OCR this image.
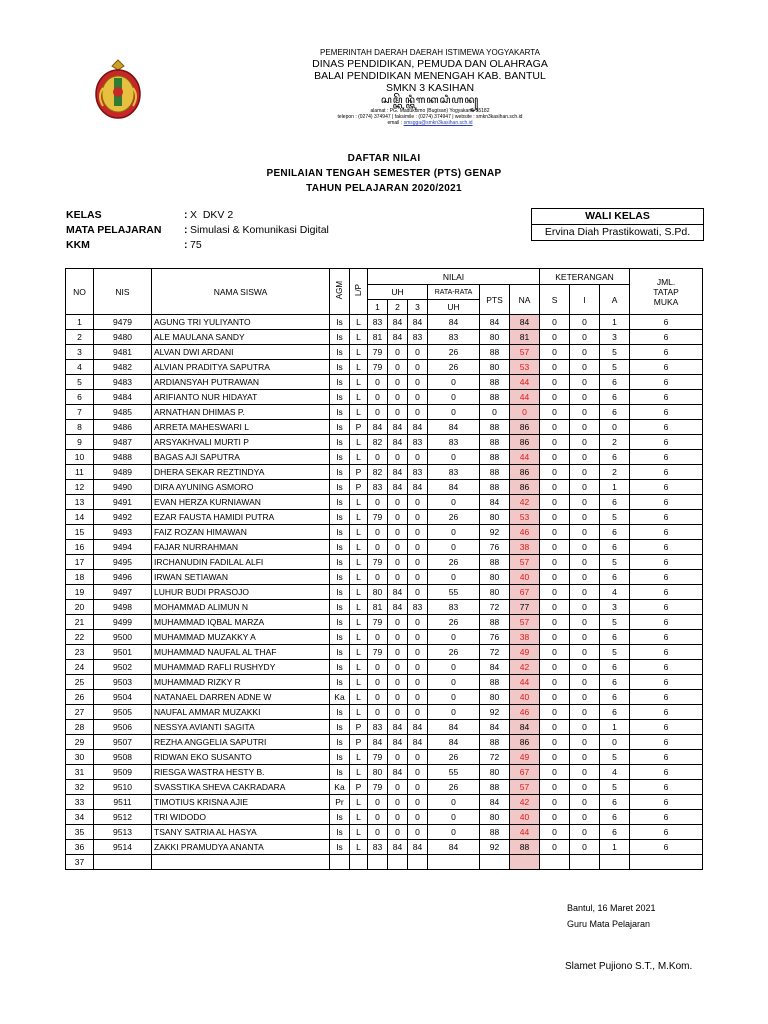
PEMERINTAH DAERAH DAERAH ISTIMEWA YOGYAKARTA
DINAS PENDIDIKAN, PEMUDA DAN OLAHRAGA
BALAI PENDIDIKAN MENENGAH KAB. BANTUL
SMKN 3 KASIHAN
ꦱꦩ꧀ꦏꦼꦤ꧀ꦠꦶꦒꦏꦱꦶꦲꦤ꧀
alamat : PG. Madukismo (Bugisan) Yogyakarta 55182
telepon : (0274) 374947 | faksimile : (0274) 374947 | website : smkn3kasihan.sch.id
email : smsgga@smkn3kasihan.sch.id
DAFTAR NILAI
PENILAIAN TENGAH SEMESTER (PTS) GENAP
TAHUN PELAJARAN 2020/2021
KELAS	: X  DKV 2
MATA PELAJARAN	: Simulasi & Komunikasi Digital
KKM	: 75
WALI KELAS
Ervina Diah Prastikowati, S.Pd.
NO	NIS	NAMA SISWA	AGM	L/P	NILAI						KETERANGAN			JML.
TATAP
MUKA

					UH			RATA-RATA	PTS	NA	S	I	A	
					1	2	3	UH						
1	9479	AGUNG TRI YULIYANTO	Is	L	83	84	84	84	84	84	0	0	1	6
2	9480	ALE MAULANA SANDY	Is	L	81	84	83	83	80	81	0	0	3	6
3	9481	ALVAN DWI ARDANI	Is	L	79	0	0	26	88	57	0	0	5	6
4	9482	ALVIAN PRADITYA SAPUTRA	Is	L	79	0	0	26	80	53	0	0	5	6
5	9483	ARDIANSYAH PUTRAWAN	Is	L	0	0	0	0	88	44	0	0	6	6
6	9484	ARIFIANTO NUR HIDAYAT	Is	L	0	0	0	0	88	44	0	0	6	6
7	9485	ARNATHAN DHIMAS P.	Is	L	0	0	0	0	0	0	0	0	6	6
8	9486	ARRETA MAHESWARI L	Is	P	84	84	84	84	88	86	0	0	0	6
9	9487	ARSYAKHVALI MURTI P	Is	L	82	84	83	83	88	86	0	0	2	6
10	9488	BAGAS AJI SAPUTRA	Is	L	0	0	0	0	88	44	0	0	6	6
11	9489	DHERA SEKAR REZTINDYA	Is	P	82	84	83	83	88	86	0	0	2	6
12	9490	DIRA AYUNING ASMORO	Is	P	83	84	84	84	88	86	0	0	1	6
13	9491	EVAN HERZA KURNIAWAN	Is	L	0	0	0	0	84	42	0	0	6	6
14	9492	EZAR FAUSTA HAMIDI PUTRA	Is	L	79	0	0	26	80	53	0	0	5	6
15	9493	FAIZ ROZAN HIMAWAN	Is	L	0	0	0	0	92	46	0	0	6	6
16	9494	FAJAR NURRAHMAN	Is	L	0	0	0	0	76	38	0	0	6	6
17	9495	IRCHANUDIN FADILAL ALFI	Is	L	79	0	0	26	88	57	0	0	5	6
18	9496	IRWAN SETIAWAN	Is	L	0	0	0	0	80	40	0	0	6	6
19	9497	LUHUR BUDI PRASOJO	Is	L	80	84	0	55	80	67	0	0	4	6
20	9498	MOHAMMAD ALIMUN N	Is	L	81	84	83	83	72	77	0	0	3	6
21	9499	MUHAMMAD IQBAL MARZA	Is	L	79	0	0	26	88	57	0	0	5	6
22	9500	MUHAMMAD MUZAKKY A	Is	L	0	0	0	0	76	38	0	0	6	6
23	9501	MUHAMMAD NAUFAL AL THAF	Is	L	79	0	0	26	72	49	0	0	5	6
24	9502	MUHAMMAD RAFLI RUSHYDY	Is	L	0	0	0	0	84	42	0	0	6	6
25	9503	MUHAMMAD RIZKY R	Is	L	0	0	0	0	88	44	0	0	6	6
26	9504	NATANAEL DARREN ADNE W	Ka	L	0	0	0	0	80	40	0	0	6	6
27	9505	NAUFAL AMMAR MUZAKKI	Is	L	0	0	0	0	92	46	0	0	6	6
28	9506	NESSYA AVIANTI SAGITA	Is	P	83	84	84	84	84	84	0	0	1	6
29	9507	REZHA ANGGELIA SAPUTRI	Is	P	84	84	84	84	88	86	0	0	0	6
30	9508	RIDWAN EKO SUSANTO	Is	L	79	0	0	26	72	49	0	0	5	6
31	9509	RIESGA WASTRA HESTY B.	Is	L	80	84	0	55	80	67	0	0	4	6
32	9510	SVASSTIKA SHEVA CAKRADARA	Ka	P	79	0	0	26	88	57	0	0	5	6
33	9511	TIMOTIUS KRISNA AJIE	Pr	L	0	0	0	0	84	42	0	0	6	6
34	9512	TRI WIDODO	Is	L	0	0	0	0	80	40	0	0	6	6
35	9513	TSANY SATRIA AL HASYA	Is	L	0	0	0	0	88	44	0	0	6	6
36	9514	ZAKKI PRAMUDYA ANANTA	Is	L	83	84	84	84	92	88	0	0	1	6
37														
Bantul, 16 Maret 2021
Guru Mata Pelajaran
Slamet Pujiono S.T., M.Kom.
